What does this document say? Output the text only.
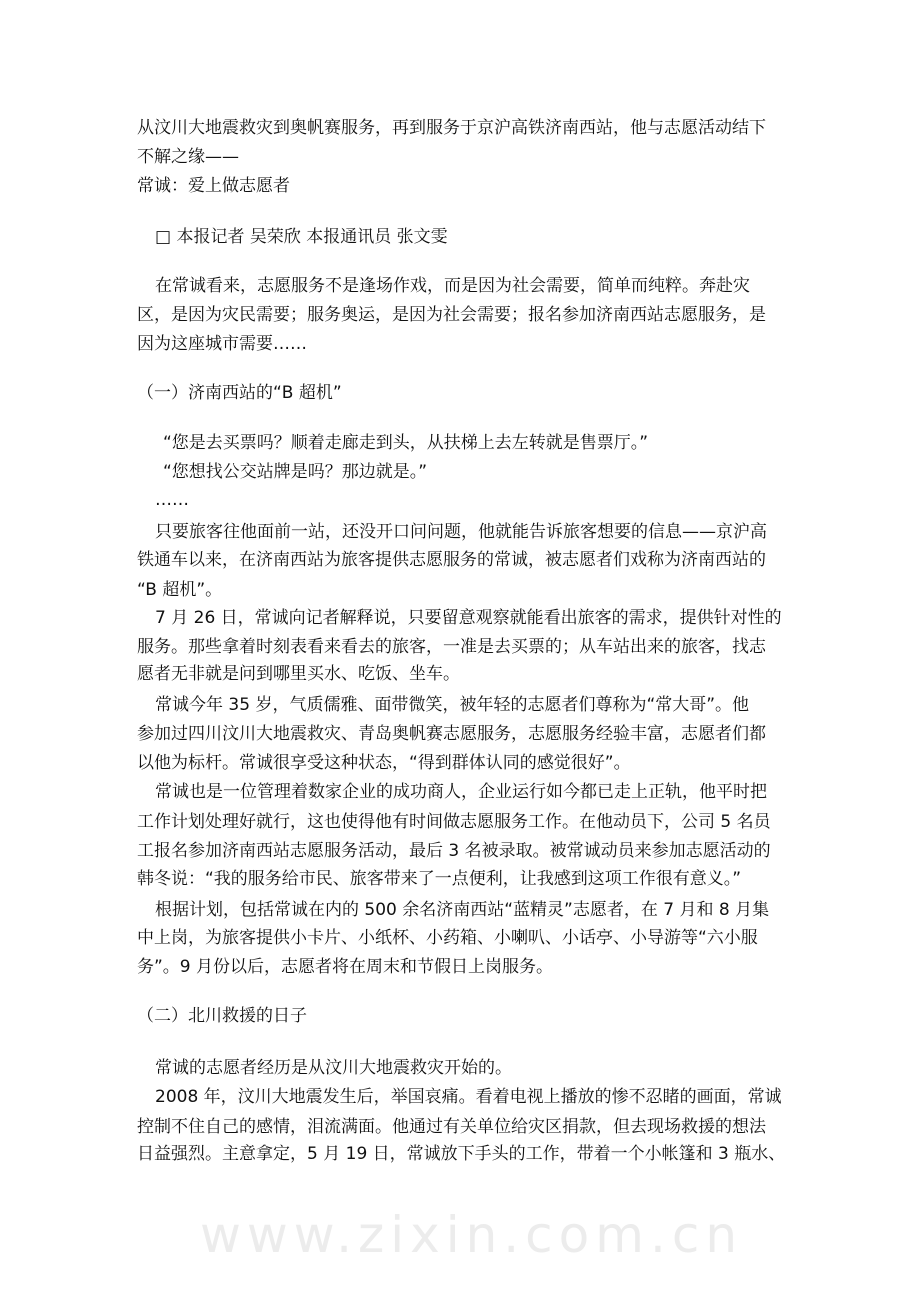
www.zixin.com.cn
从汶川大地震救灾到奥帆赛服务，再到服务于京沪高铁济南西站，他与志愿活动结下
不解之缘——
常诚：爱上做志愿者
□ 本报记者 吴荣欣 本报通讯员 张文雯
在常诚看来，志愿服务不是逢场作戏，而是因为社会需要，简单而纯粹。奔赴灾
区，是因为灾民需要；服务奥运，是因为社会需要；报名参加济南西站志愿服务，是
因为这座城市需要……
（一）济南西站的“B 超机”
“您是去买票吗？顺着走廊走到头，从扶梯上去左转就是售票厅。”
“您想找公交站牌是吗？那边就是。”
……
只要旅客往他面前一站，还没开口问问题，他就能告诉旅客想要的信息——京沪高
铁通车以来，在济南西站为旅客提供志愿服务的常诚，被志愿者们戏称为济南西站的
“B 超机”。
7 月 26 日，常诚向记者解释说，只要留意观察就能看出旅客的需求，提供针对性的
服务。那些拿着时刻表看来看去的旅客，一准是去买票的；从车站出来的旅客，找志
愿者无非就是问到哪里买水、吃饭、坐车。
常诚今年 35 岁，气质儒雅、面带微笑，被年轻的志愿者们尊称为“常大哥”。他
参加过四川汶川大地震救灾、青岛奥帆赛志愿服务，志愿服务经验丰富，志愿者们都
以他为标杆。常诚很享受这种状态，“得到群体认同的感觉很好”。
常诚也是一位管理着数家企业的成功商人，企业运行如今都已走上正轨，他平时把
工作计划处理好就行，这也使得他有时间做志愿服务工作。在他动员下，公司 5 名员
工报名参加济南西站志愿服务活动，最后 3 名被录取。被常诚动员来参加志愿活动的
韩冬说：“我的服务给市民、旅客带来了一点便利，让我感到这项工作很有意义。”
根据计划，包括常诚在内的 500 余名济南西站“蓝精灵”志愿者，在 7 月和 8 月集
中上岗，为旅客提供小卡片、小纸杯、小药箱、小喇叭、小话亭、小导游等“六小服
务”。9 月份以后，志愿者将在周末和节假日上岗服务。
（二）北川救援的日子
常诚的志愿者经历是从汶川大地震救灾开始的。
2008 年，汶川大地震发生后，举国哀痛。看着电视上播放的惨不忍睹的画面，常诚
控制不住自己的感情，泪流满面。他通过有关单位给灾区捐款，但去现场救援的想法
日益强烈。主意拿定，5 月 19 日，常诚放下手头的工作，带着一个小帐篷和 3 瓶水、
